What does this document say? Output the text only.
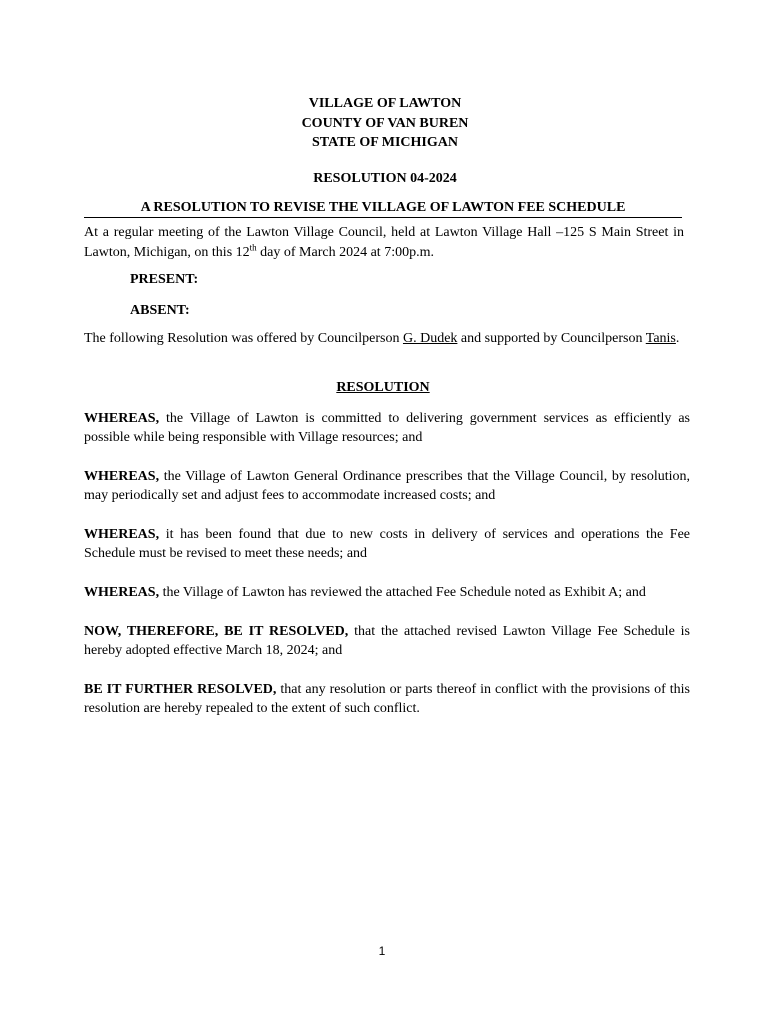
VILLAGE OF LAWTON
COUNTY OF VAN BUREN
STATE OF MICHIGAN
RESOLUTION 04-2024
A RESOLUTION TO REVISE THE VILLAGE OF LAWTON FEE SCHEDULE
At a regular meeting of the Lawton Village Council, held at Lawton Village Hall –125 S Main Street in Lawton, Michigan, on this 12th day of March 2024 at 7:00p.m.
PRESENT:
ABSENT:
The following Resolution was offered by Councilperson G. Dudek and supported by Councilperson Tanis.
RESOLUTION
WHEREAS, the Village of Lawton is committed to delivering government services as efficiently as possible while being responsible with Village resources; and
WHEREAS, the Village of Lawton General Ordinance prescribes that the Village Council, by resolution, may periodically set and adjust fees to accommodate increased costs; and
WHEREAS, it has been found that due to new costs in delivery of services and operations the Fee Schedule must be revised to meet these needs; and
WHEREAS, the Village of Lawton has reviewed the attached Fee Schedule noted as Exhibit A; and
NOW, THEREFORE, BE IT RESOLVED, that the attached revised Lawton Village Fee Schedule is hereby adopted effective March 18, 2024; and
BE IT FURTHER RESOLVED, that any resolution or parts thereof in conflict with the provisions of this resolution are hereby repealed to the extent of such conflict.
1
